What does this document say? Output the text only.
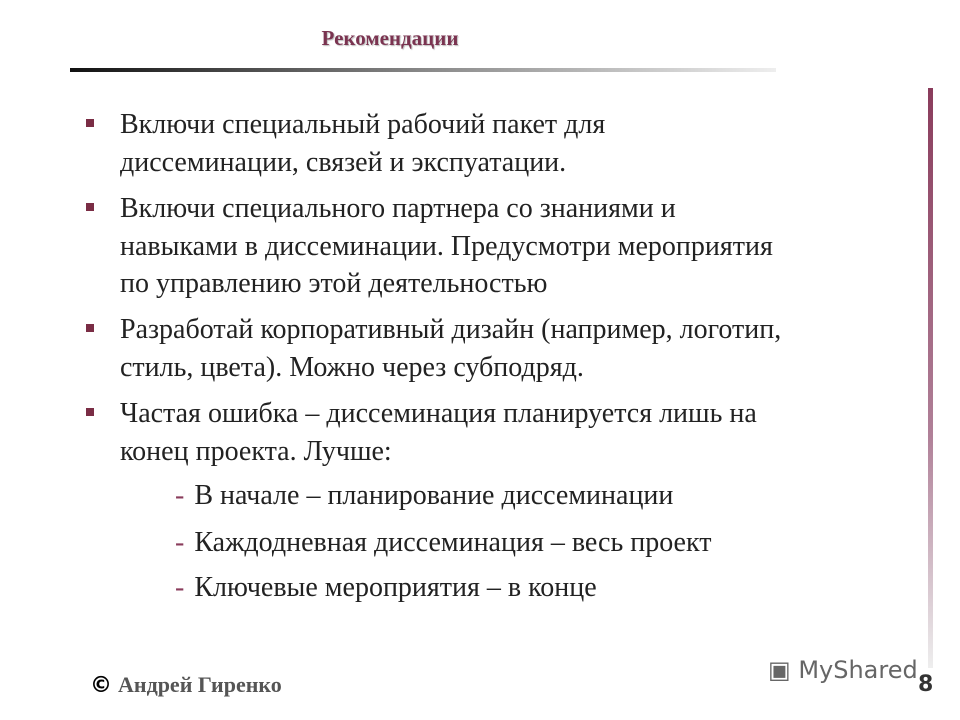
Рекомендации
Включи специальный рабочий пакет для
диссеминации, связей и экспуатации.
Включи специального партнера со знаниями и
навыками в диссеминации. Предусмотри мероприятия
по управлению этой деятельностью
Разработай корпоративный дизайн (например, логотип,
стиль, цвета). Можно через субподряд.
Частая ошибка – диссеминация планируется лишь на
конец проекта. Лучше:
- В начале – планирование диссеминации
- Каждодневная диссеминация – весь проект
- Ключевые мероприятия – в конце
© Андрей Гиренко
▣ MyShared
8
